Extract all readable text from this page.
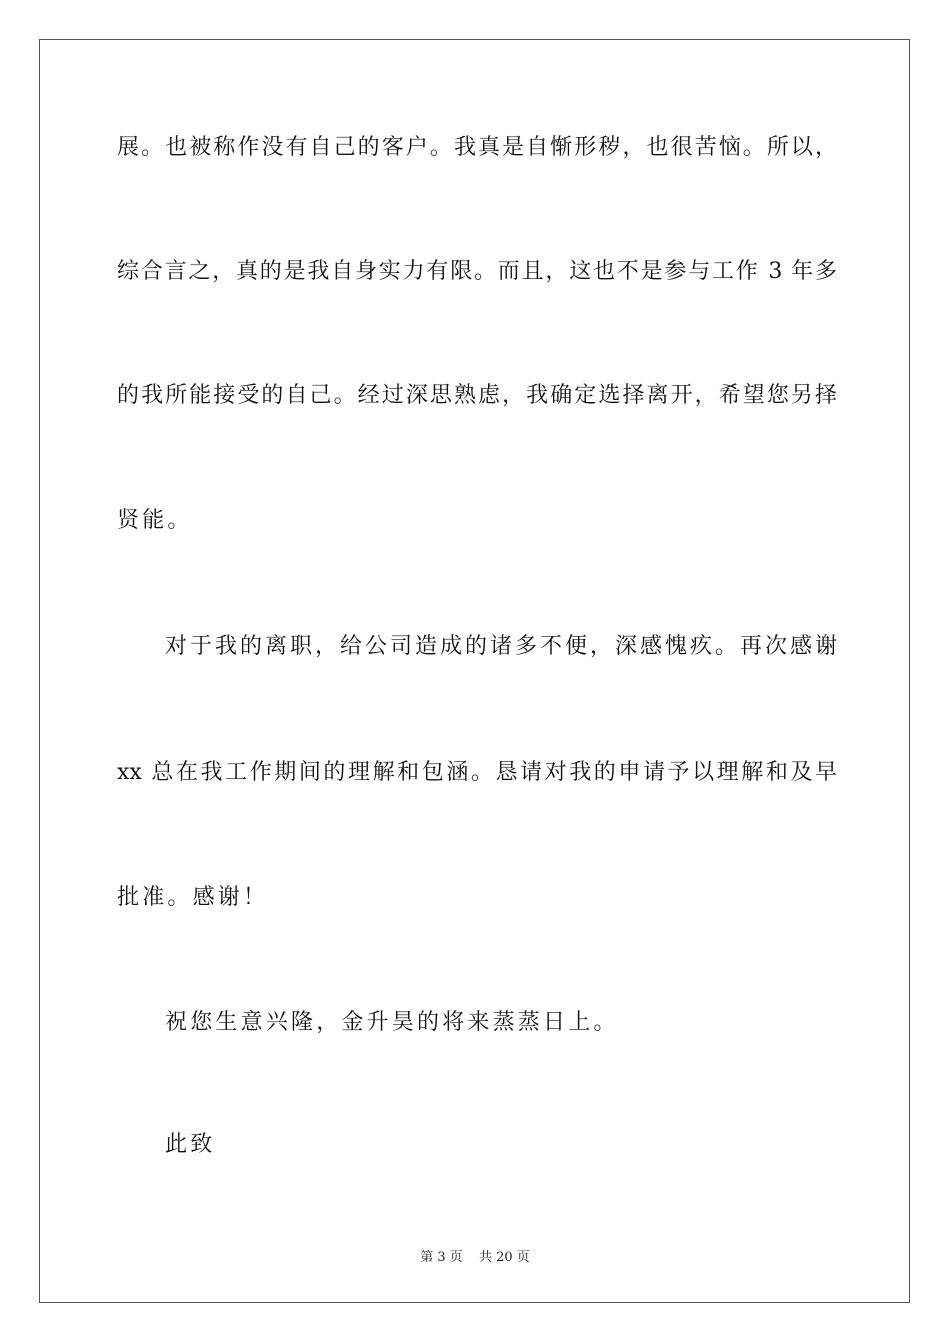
展。也被称作没有自己的客户。我真是自惭形秽，也很苦恼。所以，
综合言之，真的是我自身实力有限。而且，这也不是参与工作 3 年多
的我所能接受的自己。经过深思熟虑，我确定选择离开，希望您另择
贤能。
对于我的离职，给公司造成的诸多不便，深感愧疚。再次感谢
xx 总在我工作期间的理解和包涵。恳请对我的申请予以理解和及早
批准。感谢！
祝您生意兴隆，金升昊的将来蒸蒸日上。
此致
第 3 页 共 20 页
